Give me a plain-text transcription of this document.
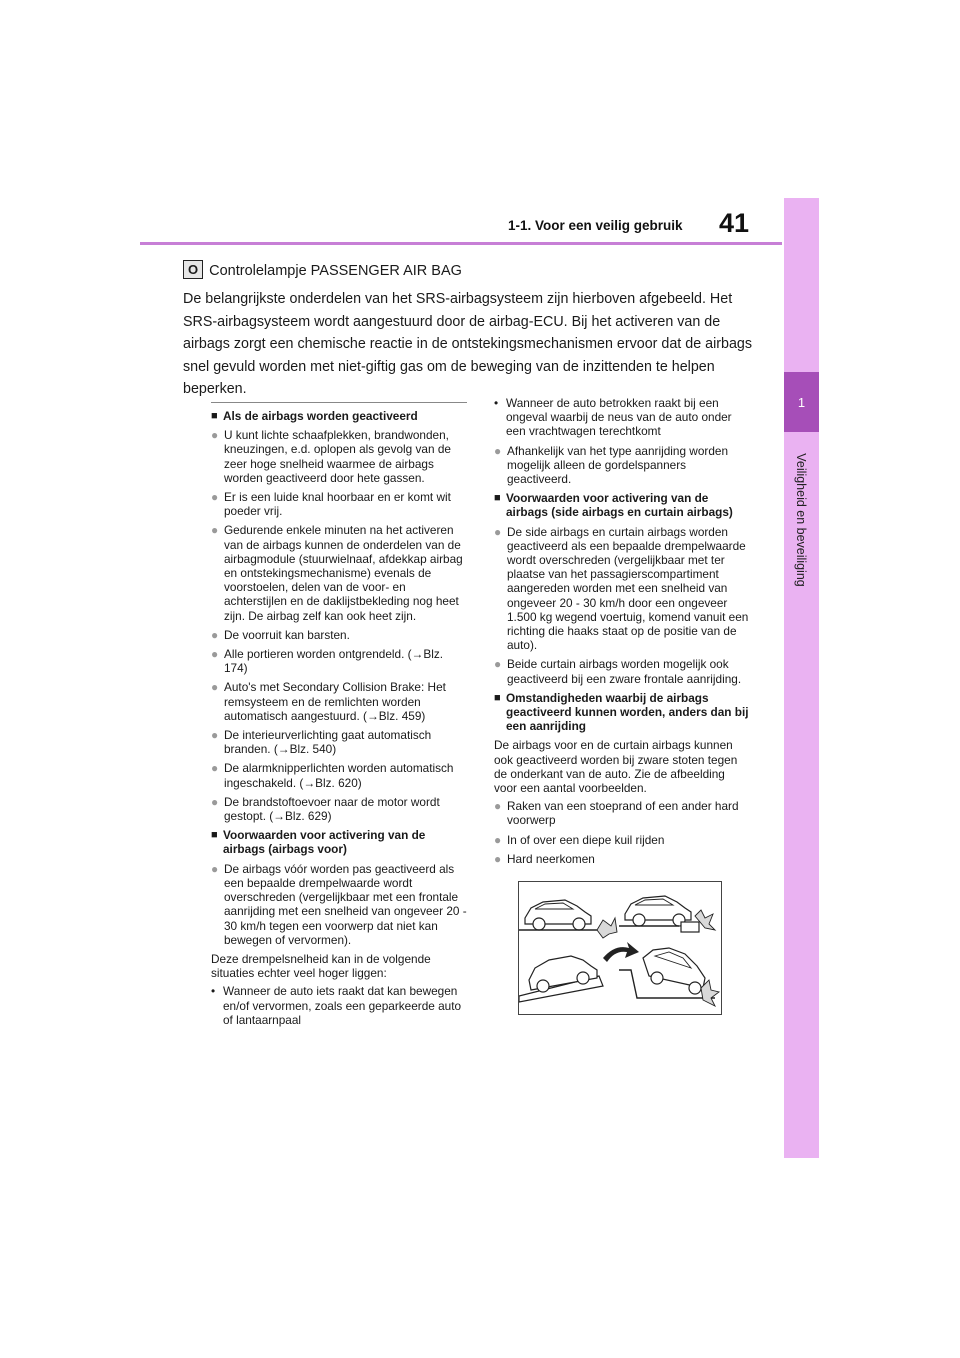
41
1-1. Voor een veilig gebruik
1
Veiligheid en beveiliging
O Controlelampje PASSENGER AIR BAG

De belangrijkste onderdelen van het SRS-airbagsysteem zijn hierboven afgebeeld. Het SRS-airbagsysteem wordt aangestuurd door de airbag-ECU. Bij het activeren van de airbags zorgt een chemische reactie in de ontstekingsmechanismen ervoor dat de airbags snel gevuld worden met niet-giftig gas om de beweging van de inzittenden te helpen beperken.

■ Als de airbags worden geactiveerd
● U kunt lichte schaafplekken, brandwonden, kneuzingen, e.d. oplopen als gevolg van de zeer hoge snelheid waarmee de airbags worden geactiveerd door hete gassen.
● Er is een luide knal hoorbaar en er komt wit poeder vrij.
● Gedurende enkele minuten na het activeren van de airbags kunnen de onderdelen van de airbagmodule (stuurwielnaaf, afdekkap airbag en ontstekingsmechanisme) evenals de voorstoelen, delen van de voor- en achterstijlen en de daklijstbekleding nog heet zijn. De airbag zelf kan ook heet zijn.
● De voorruit kan barsten.
● Alle portieren worden ontgrendeld. (→Blz. 174)
● Auto's met Secondary Collision Brake: Het remsysteem en de remlichten worden automatisch aangestuurd. (→Blz. 459)
● De interieurverlichting gaat automatisch branden. (→Blz. 540)
● De alarmknipperlichten worden automatisch ingeschakeld. (→Blz. 620)
● De brandstoftoevoer naar de motor wordt gestopt. (→Blz. 629)
■ Voorwaarden voor activering van de airbags (airbags voor)
● De airbags vóór worden pas geactiveerd als een bepaalde drempelwaarde wordt overschreden (vergelijkbaar met een frontale aanrijding met een snelheid van ongeveer 20 - 30 km/h tegen een voorwerp dat niet kan bewegen of vervormen).
Deze drempelsnelheid kan in de volgende situaties echter veel hoger liggen:
• Wanneer de auto iets raakt dat kan bewegen en/of vervormen, zoals een geparkeerde auto of lantaarnpaal
• Wanneer de auto betrokken raakt bij een ongeval waarbij de neus van de auto onder een vrachtwagen terechtkomt
● Afhankelijk van het type aanrijding worden mogelijk alleen de gordelspanners geactiveerd.
■ Voorwaarden voor activering van de airbags (side airbags en curtain airbags)
● De side airbags en curtain airbags worden geactiveerd als een bepaalde drempelwaarde wordt overschreden (vergelijkbaar met ter plaatse van het passagierscompartiment aangereden worden met een snelheid van ongeveer 20 - 30 km/h door een ongeveer 1.500 kg wegend voertuig, komend vanuit een richting die haaks staat op de positie van de auto).
● Beide curtain airbags worden mogelijk ook geactiveerd bij een zware frontale aanrijding.
■ Omstandigheden waarbij de airbags geactiveerd kunnen worden, anders dan bij een aanrijding
De airbags voor en de curtain airbags kunnen ook geactiveerd worden bij zware stoten tegen de onderkant van de auto. Zie de afbeelding voor een aantal voorbeelden.
● Raken van een stoeprand of een ander hard voorwerp
● In of over een diepe kuil rijden
● Hard neerkomen
